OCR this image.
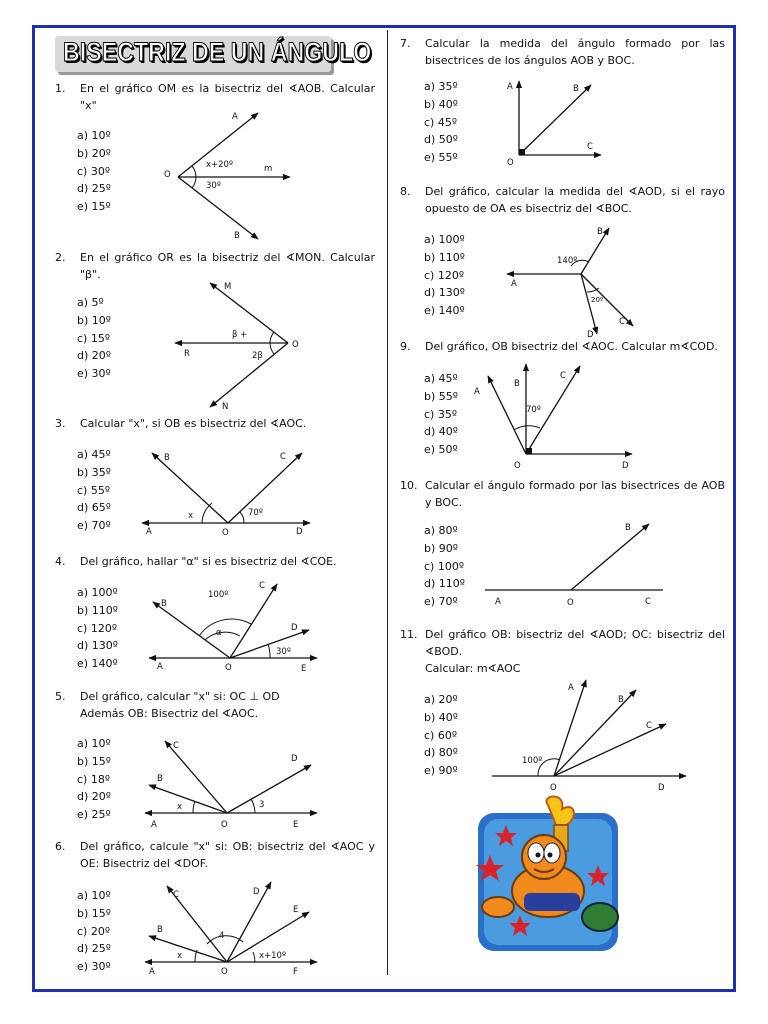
BISECTRIZ DE UN ÁNGULO
1. En el gráfico OM es la bisectriz del ∢AOB. Calcular "x"
a) 10º
b) 20º
c) 30º
d) 25º
e) 15º
O
A
m
B
x+20º
30º
2. En el gráfico OR es la bisectriz del ∢MON. Calcular "β".
a) 5º
b) 10º
c) 15º
d) 20º
e) 30º
O
M
R
N
β +
2β
3. Calcular "x", si OB es bisectriz del ∢AOC.
a) 45º
b) 35º
c) 55º
d) 65º
e) 70º	A	O	D
B	C
x	70º
4. Del gráfico, hallar "α" si es bisectriz del ∢COE.
a) 100º
b) 110º
c) 120º
d) 130º
e) 140º	A	O	E
B
C
D
100º
α
30º
5. Del gráfico, calcular "x" si: OC ⊥ OD
Además OB: Bisectriz del ∢AOC.
a) 10º
b) 15º
c) 18º
d) 20º
e) 25º
A	O	E
B
C
D
x	3
6. Del gráfico, calcule "x" si: OB: bisectriz del ∢AOC y OE: Bisectriz del ∢DOF.
a) 10º
b) 15º
c) 20º
d) 25º
e) 30º	A	O	F
B
C	D
E
x
4
x+10º
7. Calcular la medida del ángulo formado por las bisectrices de los ángulos AOB y BOC.
a) 35º
b) 40º
c) 45º
d) 50º
e) 55º
A	B
C
O
8. Del gráfico, calcular la medida del ∢AOD, si el rayo opuesto de OA es bisectriz del ∢BOC.
a) 100º
b) 110º
c) 120º
d) 130º
e) 140º
A
B
C
D
140º
20º
9. Del gráfico, OB bisectriz del ∢AOC. Calcular m∢COD.
a) 45º
b) 55º
c) 35º
d) 40º
e) 50º
A
B
C
D
O
70º
10. Calcular el ángulo formado por las bisectrices de AOB y BOC.
a) 80º
b) 90º
c) 100º
d) 110º
e) 70º	A	O	C
B
11. Del gráfico OB: bisectriz del ∢AOD; OC: bisectriz del ∢BOD.
Calcular: m∢AOC
a) 20º
b) 40º
c) 60º
d) 80º
e) 90º
A
B
C
D
O
100º
